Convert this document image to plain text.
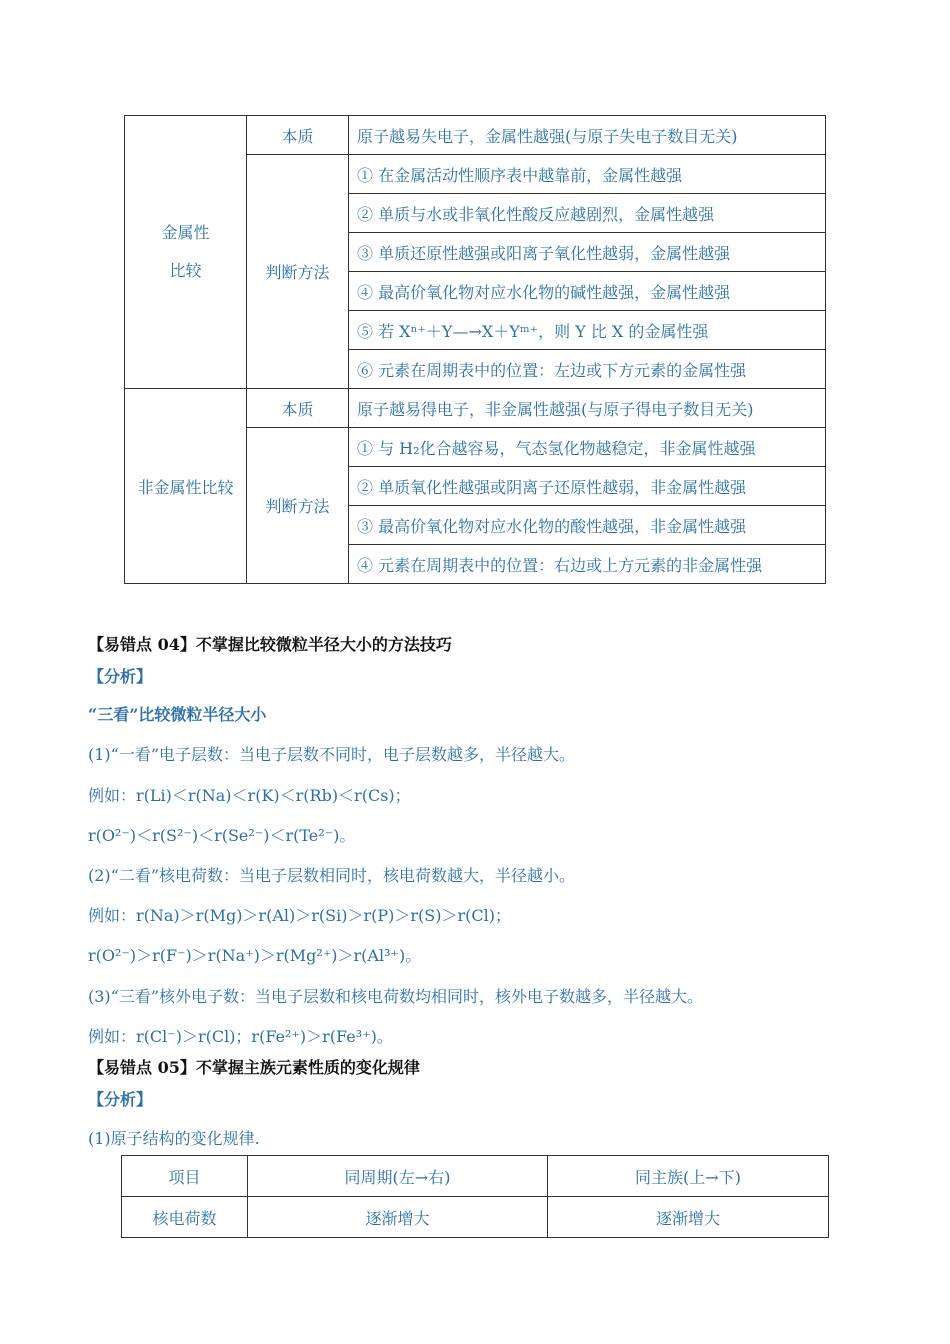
金属性
比较	本质	原子越易失电子，金属性越强(与原子失电子数目无关)
	判断方法	① 在金属活动性顺序表中越靠前，金属性越强
		② 单质与水或非氧化性酸反应越剧烈，金属性越强
		③ 单质还原性越强或阳离子氧化性越弱，金属性越强
		④ 最高价氧化物对应水化物的碱性越强，金属性越强
		⑤ 若 Xⁿ⁺＋Y—→X＋Yᵐ⁺，则 Y 比 X 的金属性强
		⑥ 元素在周期表中的位置：左边或下方元素的金属性强
非金属性比较	本质	原子越易得电子，非金属性越强(与原子得电子数目无关)
	判断方法	① 与 H₂化合越容易，气态氢化物越稳定，非金属性越强
		② 单质氧化性越强或阴离子还原性越弱，非金属性越强
		③ 最高价氧化物对应水化物的酸性越强，非金属性越强
		④ 元素在周期表中的位置：右边或上方元素的非金属性强
【易错点 04】不掌握比较微粒半径大小的方法技巧
【分析】
“三看”比较微粒半径大小
(1)“一看”电子层数：当电子层数不同时，电子层数越多，半径越大。
例如：r(Li)＜r(Na)＜r(K)＜r(Rb)＜r(Cs)；
r(O²⁻)＜r(S²⁻)＜r(Se²⁻)＜r(Te²⁻)。
(2)“二看”核电荷数：当电子层数相同时，核电荷数越大，半径越小。
例如：r(Na)＞r(Mg)＞r(Al)＞r(Si)＞r(P)＞r(S)＞r(Cl)；
r(O²⁻)＞r(F⁻)＞r(Na⁺)＞r(Mg²⁺)＞r(Al³⁺)。
(3)“三看”核外电子数：当电子层数和核电荷数均相同时，核外电子数越多，半径越大。
例如：r(Cl⁻)＞r(Cl)；r(Fe²⁺)＞r(Fe³⁺)。
【易错点 05】不掌握主族元素性质的变化规律
【分析】
(1)原子结构的变化规律.
项目	同周期(左→右)	同主族(上→下)
核电荷数	逐渐增大	逐渐增大
